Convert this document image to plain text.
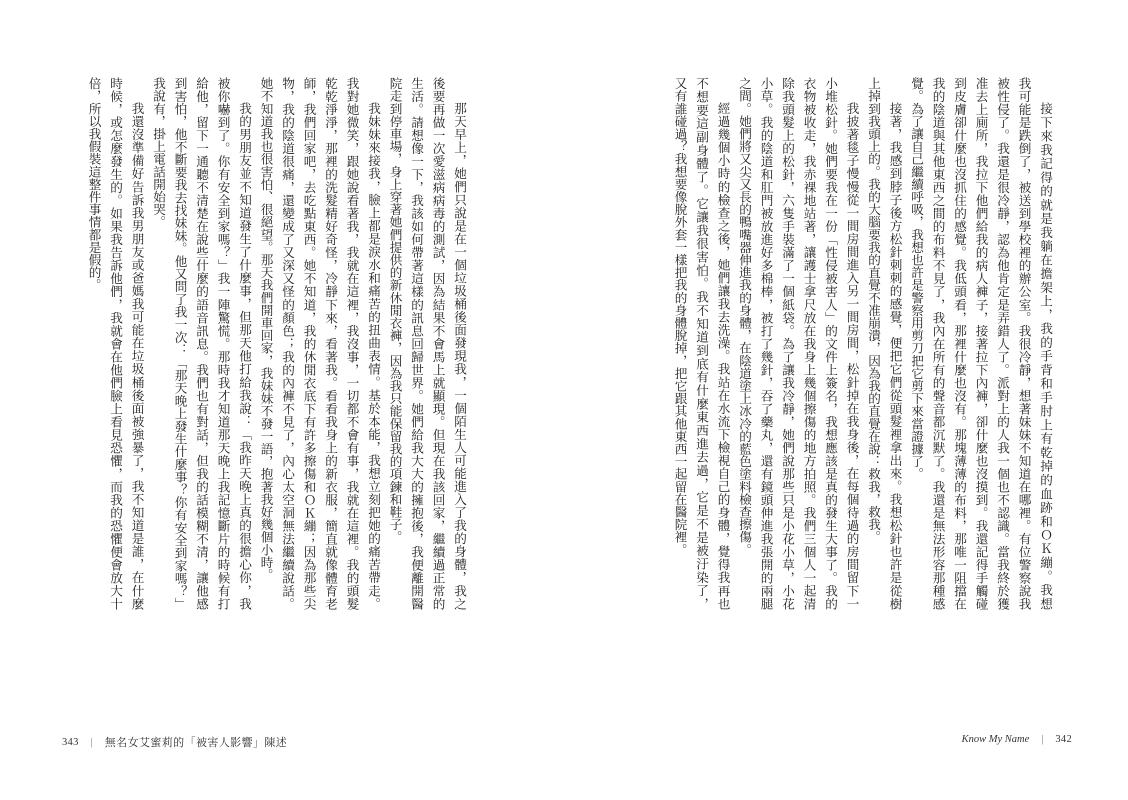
接下來我記得的就是我躺在擔架上，我的手背和手肘上有乾掉的血跡和ＯＫ繃。我想
我可能是跌倒了，被送到學校裡的辦公室。我很冷靜，想著妹妹不知道在哪裡。有位警察說我
被性侵了。我還是很冷靜，認為他肯定是弄錯人了。派對上的人我一個也不認識。當我終於獲
准去上廁所，我拉下他們給我的病人褲子，接著拉下內褲，卻什麼也沒摸到。我還記得手觸碰
到皮膚卻什麼也沒抓住的感覺。我低頭看，那裡什麼也沒有。那塊薄薄的布料，那唯一阻擋在
我的陰道與其他東西之間的布料不見了，我內在所有的聲音都沉默了。我還是無法形容那種感
覺。為了讓自己繼續呼吸，我想也許是警察用剪刀把它剪下來當證據了。
接著，我感到脖子後方松針刺刺的感覺，便把它們從頭髮裡拿出來。我想松針也許是從樹
上掉到我頭上的。我的大腦要我的直覺不准崩潰，因為我的直覺在說：救我，救我。
我披著毯子慢慢從一間房間進入另一間房間，松針掉在我身後，在每個待過的房間留下一
小堆松針。她們要我在一份「性侵被害人」的文件上簽名，我想應該是真的發生大事了。我的
衣物被收走，我赤裸地站著，讓護士拿尺放在我身上幾個擦傷的地方拍照。我們三個人一起清
除我頭髮上的松針，六隻手裝滿了一個紙袋。為了讓我冷靜，她們說那些只是小花小草，小花
小草。我的陰道和肛門被放進好多棉棒，被打了幾針，吞了藥丸，還有鏡頭伸進我張開的兩腿
之間。她們將又尖又長的鴨嘴器伸進我的身體，在陰道塗上冰冷的藍色塗料檢查擦傷。
經過幾個小時的檢查之後，她們讓我去洗澡。我站在水流下檢視自己的身體，覺得我再也
不想要這副身體了。它讓我很害怕。我不知道到底有什麼東西進去過，它是不是被汙染了，
又有誰碰過？我想要像脫外套一樣把我的身體脫掉，把它跟其他東西一起留在醫院裡。
Know My Name | 342
那天早上，她們只說是在一個垃圾桶後面發現我，一個陌生人可能進入了我的身體，我之
後要再做一次愛滋病病毒的測試，因為結果不會馬上就顯現。但現在我該回家，繼續過正常的
生活。請想像一下，我該如何帶著這樣的訊息回歸世界。她們給我大大的擁抱後，我便離開醫
院走到停車場，身上穿著她們提供的新休閒衣褲，因為我只能保留我的項鍊和鞋子。
我妹妹來接我，臉上都是淚水和痛苦的扭曲表情。基於本能，我想立刻把她的痛苦帶走。
我對她微笑，跟她說看著我，我就在這裡，我沒事，一切都不會有事，我就在這裡。我的頭髮
乾乾淨淨，那裡的洗髮精好奇怪，冷靜下來，看著我。看看我身上的新衣服，簡直就像體育老
師，我們回家吧，去吃點東西。她不知道，我的休閒衣底下有許多擦傷和ＯＫ繃；因為那些尖
物，我的陰道很痛，還變成了又深又怪的顏色；我的內褲不見了，內心太空洞無法繼續說話。
她不知道我也很害怕、很絕望。那天我們開車回家，我妹妹不發一語，抱著我好幾個小時。
我的男朋友並不知道發生了什麼事，但那天他打給我說：「我昨天晚上真的很擔心你，我
被你嚇到了。你有安全到家嗎？」我一陣驚慌。那時我才知道那天晚上我記憶斷片的時候有打
給他，留下一通聽不清楚在說些什麼的語音訊息。我們也有對話，但我的話模糊不清，讓他感
到害怕，他不斷要我去找妹妹。他又問了我一次：「那天晚上發生什麼事？你有安全到家嗎？」
我說有，掛上電話開始哭。
我還沒準備好告訴我男朋友或爸媽我可能在垃圾桶後面被強暴了，我不知道是誰，在什麼
時候，或怎麼發生的。如果我告訴他們，我就會在他們臉上看見恐懼，而我的恐懼便會放大十
倍，所以我假裝這整件事情都是假的。
343 | 無名女艾蜜莉的「被害人影響」陳述
